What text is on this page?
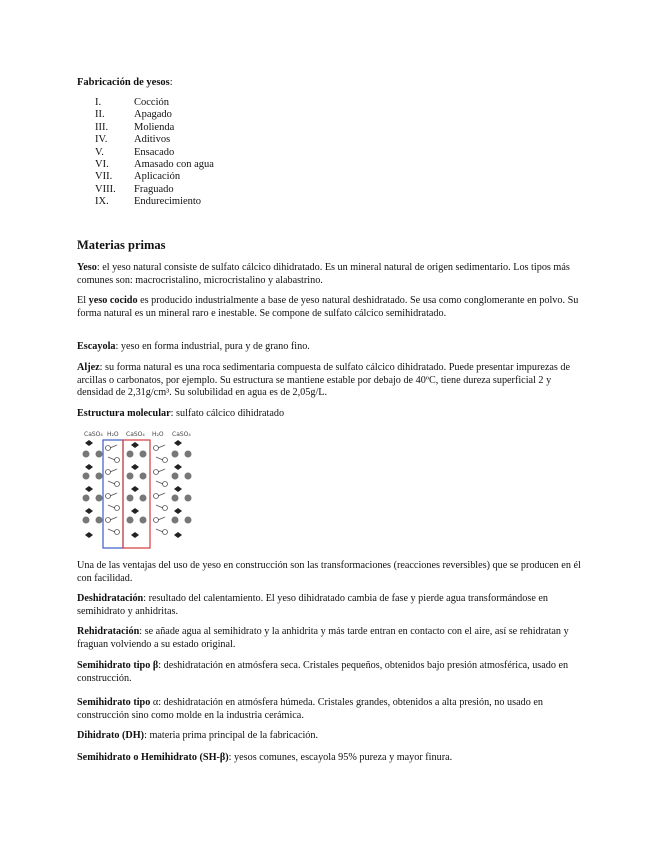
Fabricación de yesos:
I.	Cocción
II.	Apagado
III.	Molienda
IV.	Aditivos
V.	Ensacado
VI.	Amasado con agua
VII.	Aplicación
VIII.	Fraguado
IX.	Endurecimiento
Materias primas

Yeso: el yeso natural consiste de sulfato cálcico dihidratado. Es un mineral natural de origen sedimentario. Los tipos más comunes son: macrocristalino, microcristalino y alabastrino.

El yeso cocido es producido industrialmente a base de yeso natural deshidratado. Se usa como conglomerante en polvo. Su forma natural es un mineral raro e inestable. Se compone de sulfato cálcico semihidratado.

Escayola: yeso en forma industrial, pura y de grano fino.

Aljez: su forma natural es una roca sedimentaria compuesta de sulfato cálcico dihidratado. Puede presentar impurezas de arcillas o carbonatos, por ejemplo. Su estructura se mantiene estable por debajo de 40ºC, tiene dureza superficial 2 y densidad de 2,31g/cm³. Su solubilidad en agua es de 2,05g/L.

Estructura molecular: sulfato cálcico dihidratado

CaSO₄ H₂O CaSO₄ H₂O CaSO₄

Una de las ventajas del uso de yeso en construcción son las transformaciones (reacciones reversibles) que se producen en él con facilidad.

Deshidratación: resultado del calentamiento. El yeso dihidratado cambia de fase y pierde agua transformándose en semihidrato y anhidritas.

Rehidratación: se añade agua al semihidrato y la anhidrita y más tarde entran en contacto con el aire, así se rehidratan y fraguan volviendo a su estado original.

Semihidrato tipo β: deshidratación en atmósfera seca. Cristales pequeños, obtenidos bajo presión atmosférica, usado en construcción.

Semihidrato tipo α: deshidratación en atmósfera húmeda. Cristales grandes, obtenidos a alta presión, no usado en construcción sino como molde en la industria cerámica.

Dihidrato (DH): materia prima principal de la fabricación.

Semihidrato o Hemihidrato (SH-β): yesos comunes, escayola 95% pureza y mayor finura.
